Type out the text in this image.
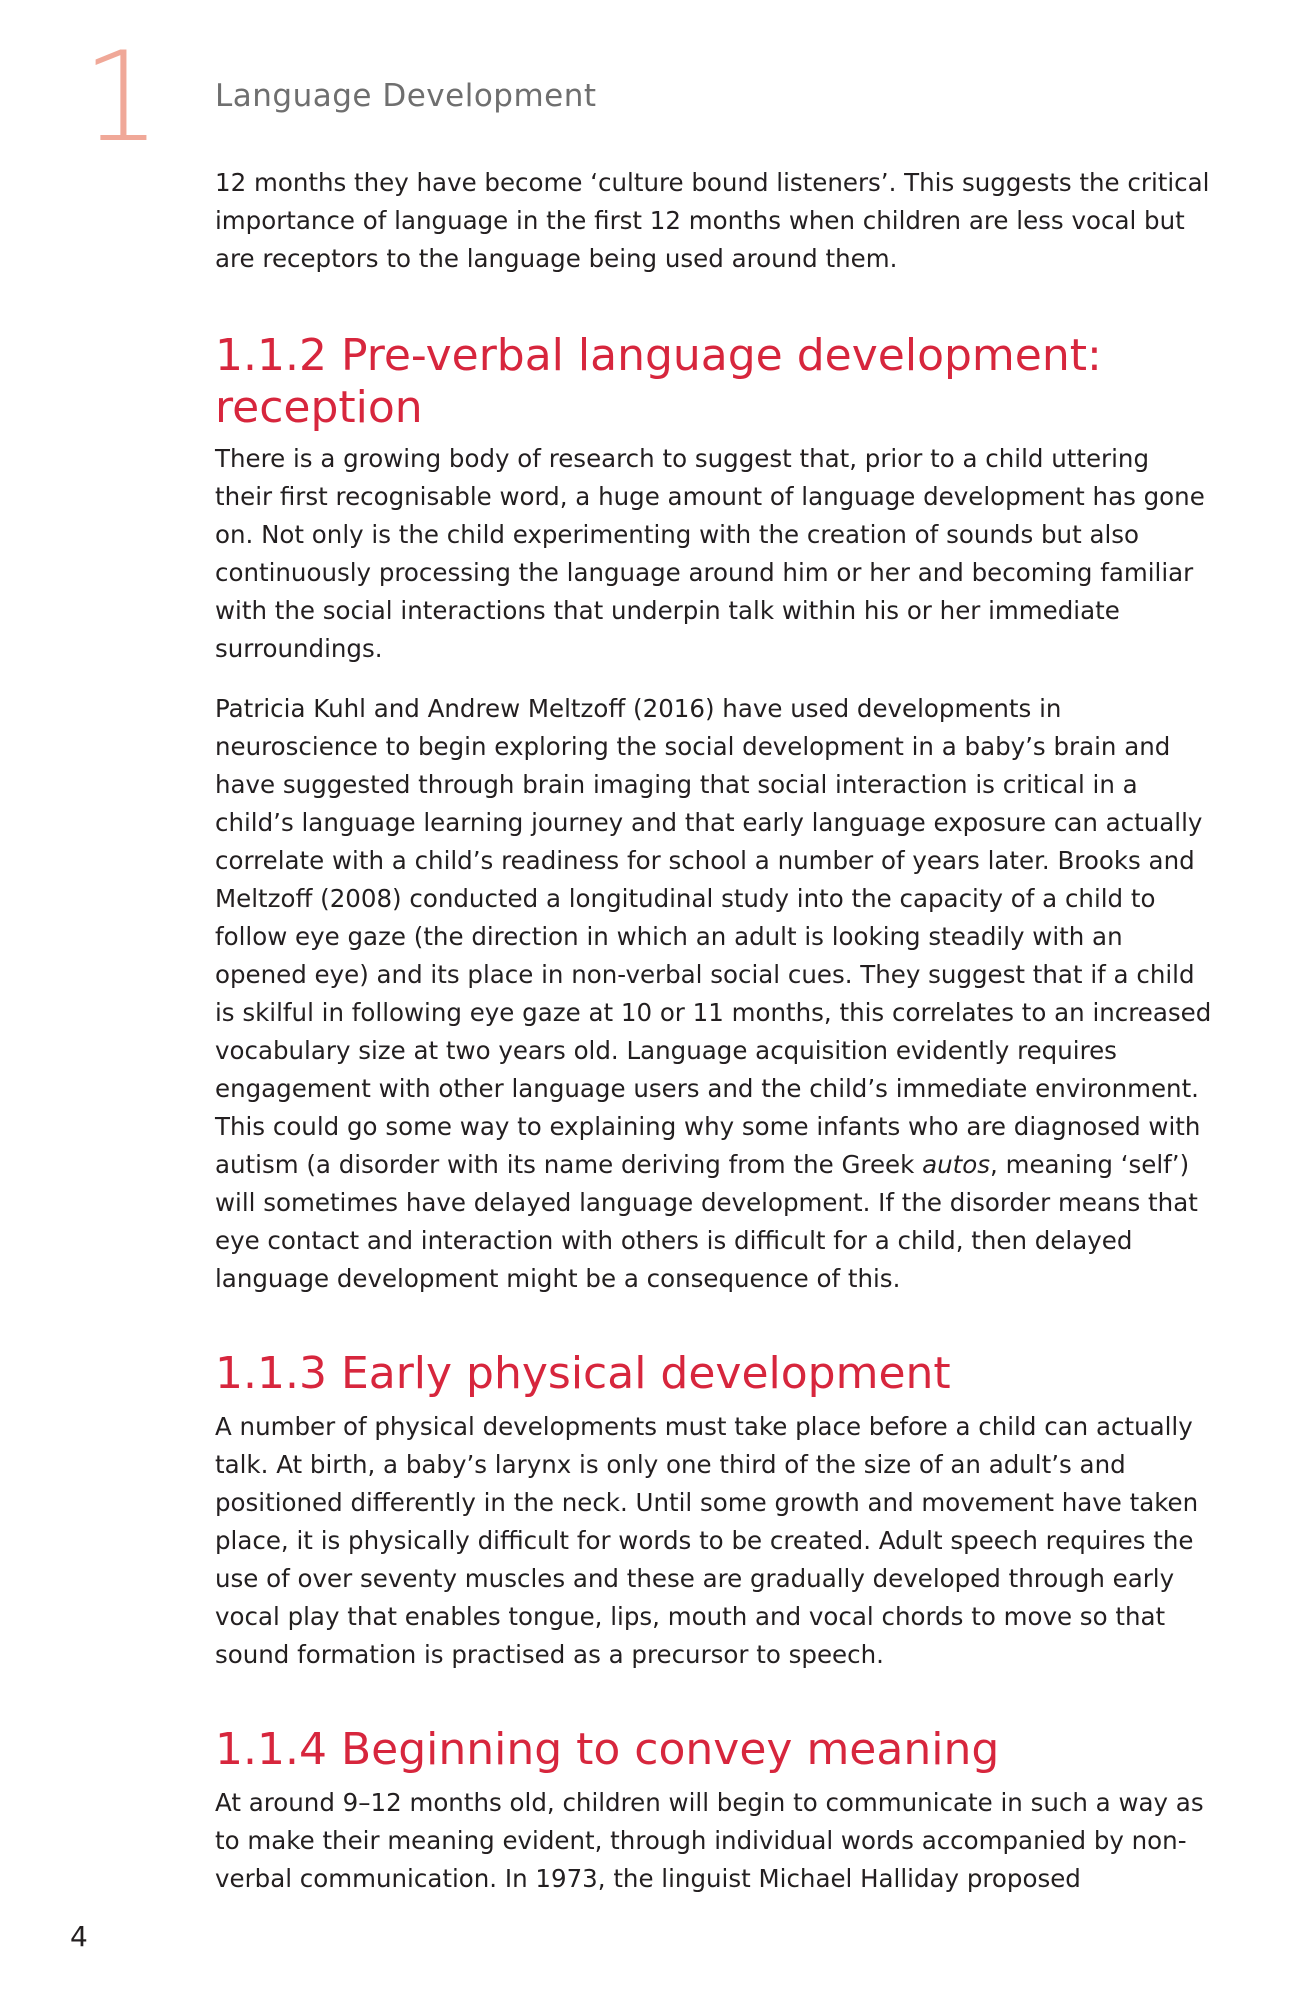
1 Language Development

12 months they have become ‘culture bound listeners’. This suggests the critical importance of language in the first 12 months when children are less vocal but are receptors to the language being used around them.

1.1.2 Pre-verbal language development: reception

There is a growing body of research to suggest that, prior to a child uttering their first recognisable word, a huge amount of language development has gone on. Not only is the child experimenting with the creation of sounds but also continuously processing the language around him or her and becoming familiar with the social interactions that underpin talk within his or her immediate surroundings.

Patricia Kuhl and Andrew Meltzoff (2016) have used developments in neuroscience to begin exploring the social development in a baby’s brain and have suggested through brain imaging that social interaction is critical in a child’s language learning journey and that early language exposure can actually correlate with a child’s readiness for school a number of years later. Brooks and Meltzoff (2008) conducted a longitudinal study into the capacity of a child to follow eye gaze (the direction in which an adult is looking steadily with an opened eye) and its place in non-verbal social cues. They suggest that if a child is skilful in following eye gaze at 10 or 11 months, this correlates to an increased vocabulary size at two years old. Language acquisition evidently requires engagement with other language users and the child’s immediate environment. This could go some way to explaining why some infants who are diagnosed with autism (a disorder with its name deriving from the Greek autos, meaning ‘self’) will sometimes have delayed language development. If the disorder means that eye contact and interaction with others is difficult for a child, then delayed language development might be a consequence of this.

1.1.3 Early physical development

A number of physical developments must take place before a child can actually talk. At birth, a baby’s larynx is only one third of the size of an adult’s and positioned differently in the neck. Until some growth and movement have taken place, it is physically difficult for words to be created. Adult speech requires the use of over seventy muscles and these are gradually developed through early vocal play that enables tongue, lips, mouth and vocal chords to move so that sound formation is practised as a precursor to speech.

1.1.4 Beginning to convey meaning

At around 9–12 months old, children will begin to communicate in such a way as to make their meaning evident, through individual words accompanied by non-verbal communication. In 1973, the linguist Michael Halliday proposed

4
